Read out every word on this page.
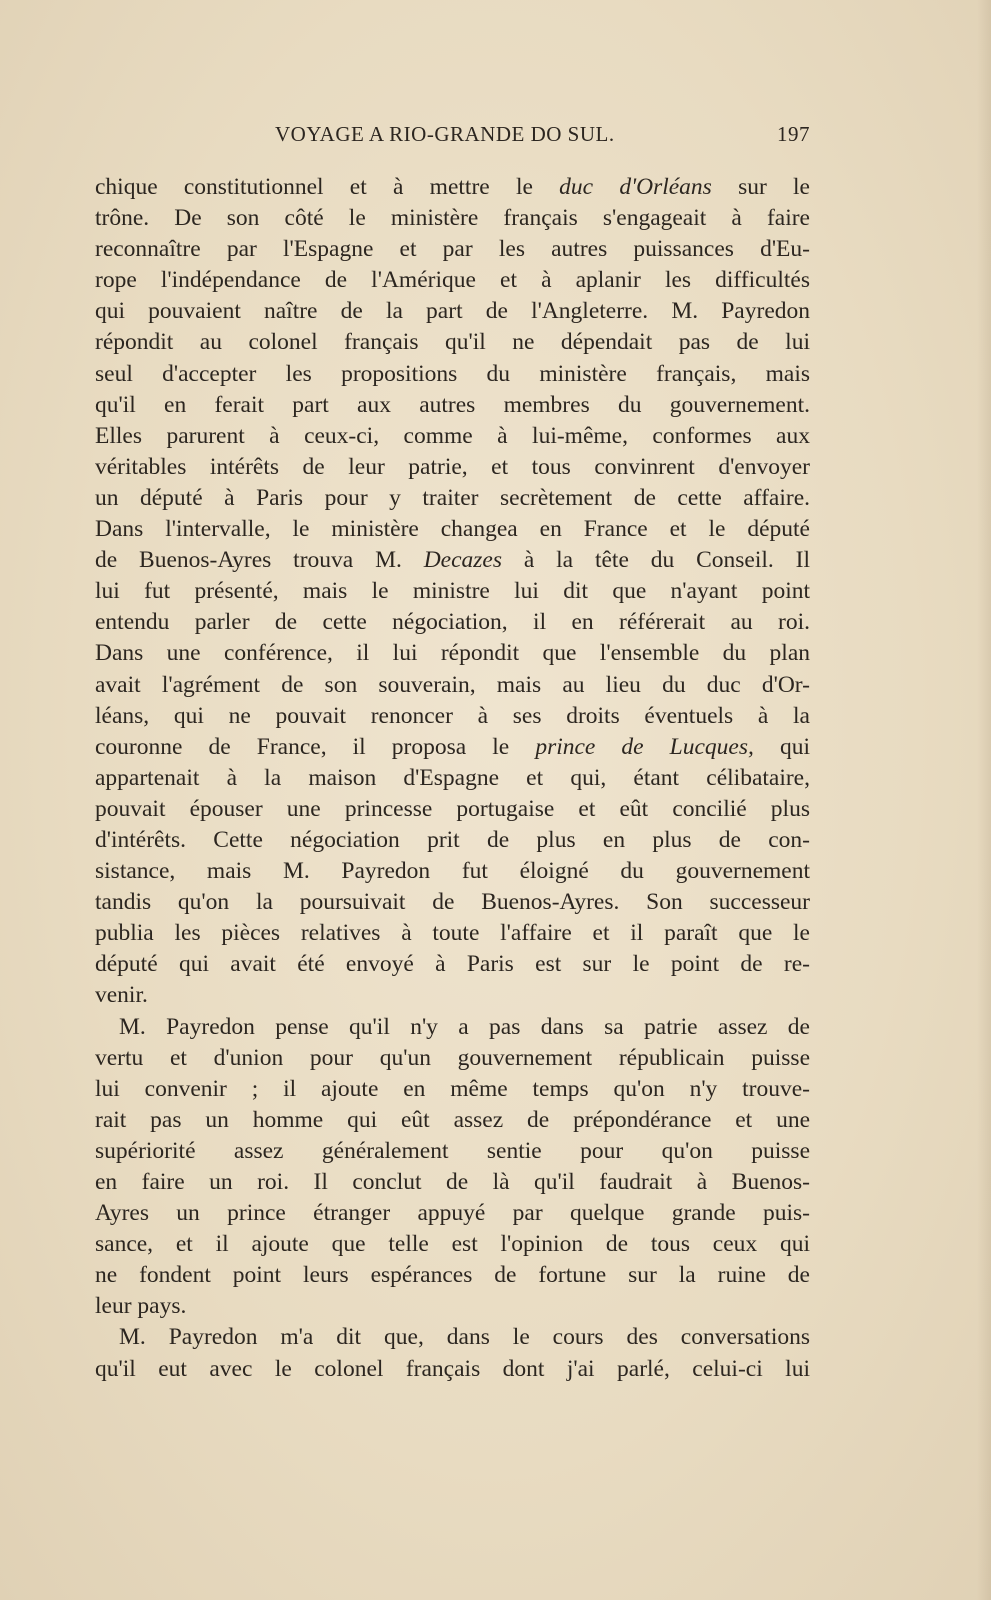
VOYAGE A RIO-GRANDE DO SUL.	197
chique constitutionnel et à mettre le duc d'Orléans sur le
trône. De son côté le ministère français s'engageait à faire
reconnaître par l'Espagne et par les autres puissances d'Eu-
rope l'indépendance de l'Amérique et à aplanir les difficultés
qui pouvaient naître de la part de l'Angleterre. M. Payredon
répondit au colonel français qu'il ne dépendait pas de lui
seul d'accepter les propositions du ministère français, mais
qu'il en ferait part aux autres membres du gouvernement.
Elles parurent à ceux-ci, comme à lui-même, conformes aux
véritables intérêts de leur patrie, et tous convinrent d'envoyer
un député à Paris pour y traiter secrètement de cette affaire.
Dans l'intervalle, le ministère changea en France et le député
de Buenos-Ayres trouva M. Decazes à la tête du Conseil. Il
lui fut présenté, mais le ministre lui dit que n'ayant point
entendu parler de cette négociation, il en référerait au roi.
Dans une conférence, il lui répondit que l'ensemble du plan
avait l'agrément de son souverain, mais au lieu du duc d'Or-
léans, qui ne pouvait renoncer à ses droits éventuels à la
couronne de France, il proposa le prince de Lucques, qui
appartenait à la maison d'Espagne et qui, étant célibataire,
pouvait épouser une princesse portugaise et eût concilié plus
d'intérêts. Cette négociation prit de plus en plus de con-
sistance, mais M. Payredon fut éloigné du gouvernement
tandis qu'on la poursuivait de Buenos-Ayres. Son successeur
publia les pièces relatives à toute l'affaire et il paraît que le
député qui avait été envoyé à Paris est sur le point de re-
venir.
M. Payredon pense qu'il n'y a pas dans sa patrie assez de
vertu et d'union pour qu'un gouvernement républicain puisse
lui convenir ; il ajoute en même temps qu'on n'y trouve-
rait pas un homme qui eût assez de prépondérance et une
supériorité assez généralement sentie pour qu'on puisse
en faire un roi. Il conclut de là qu'il faudrait à Buenos-
Ayres un prince étranger appuyé par quelque grande puis-
sance, et il ajoute que telle est l'opinion de tous ceux qui
ne fondent point leurs espérances de fortune sur la ruine de
leur pays.
M. Payredon m'a dit que, dans le cours des conversations
qu'il eut avec le colonel français dont j'ai parlé, celui-ci lui
